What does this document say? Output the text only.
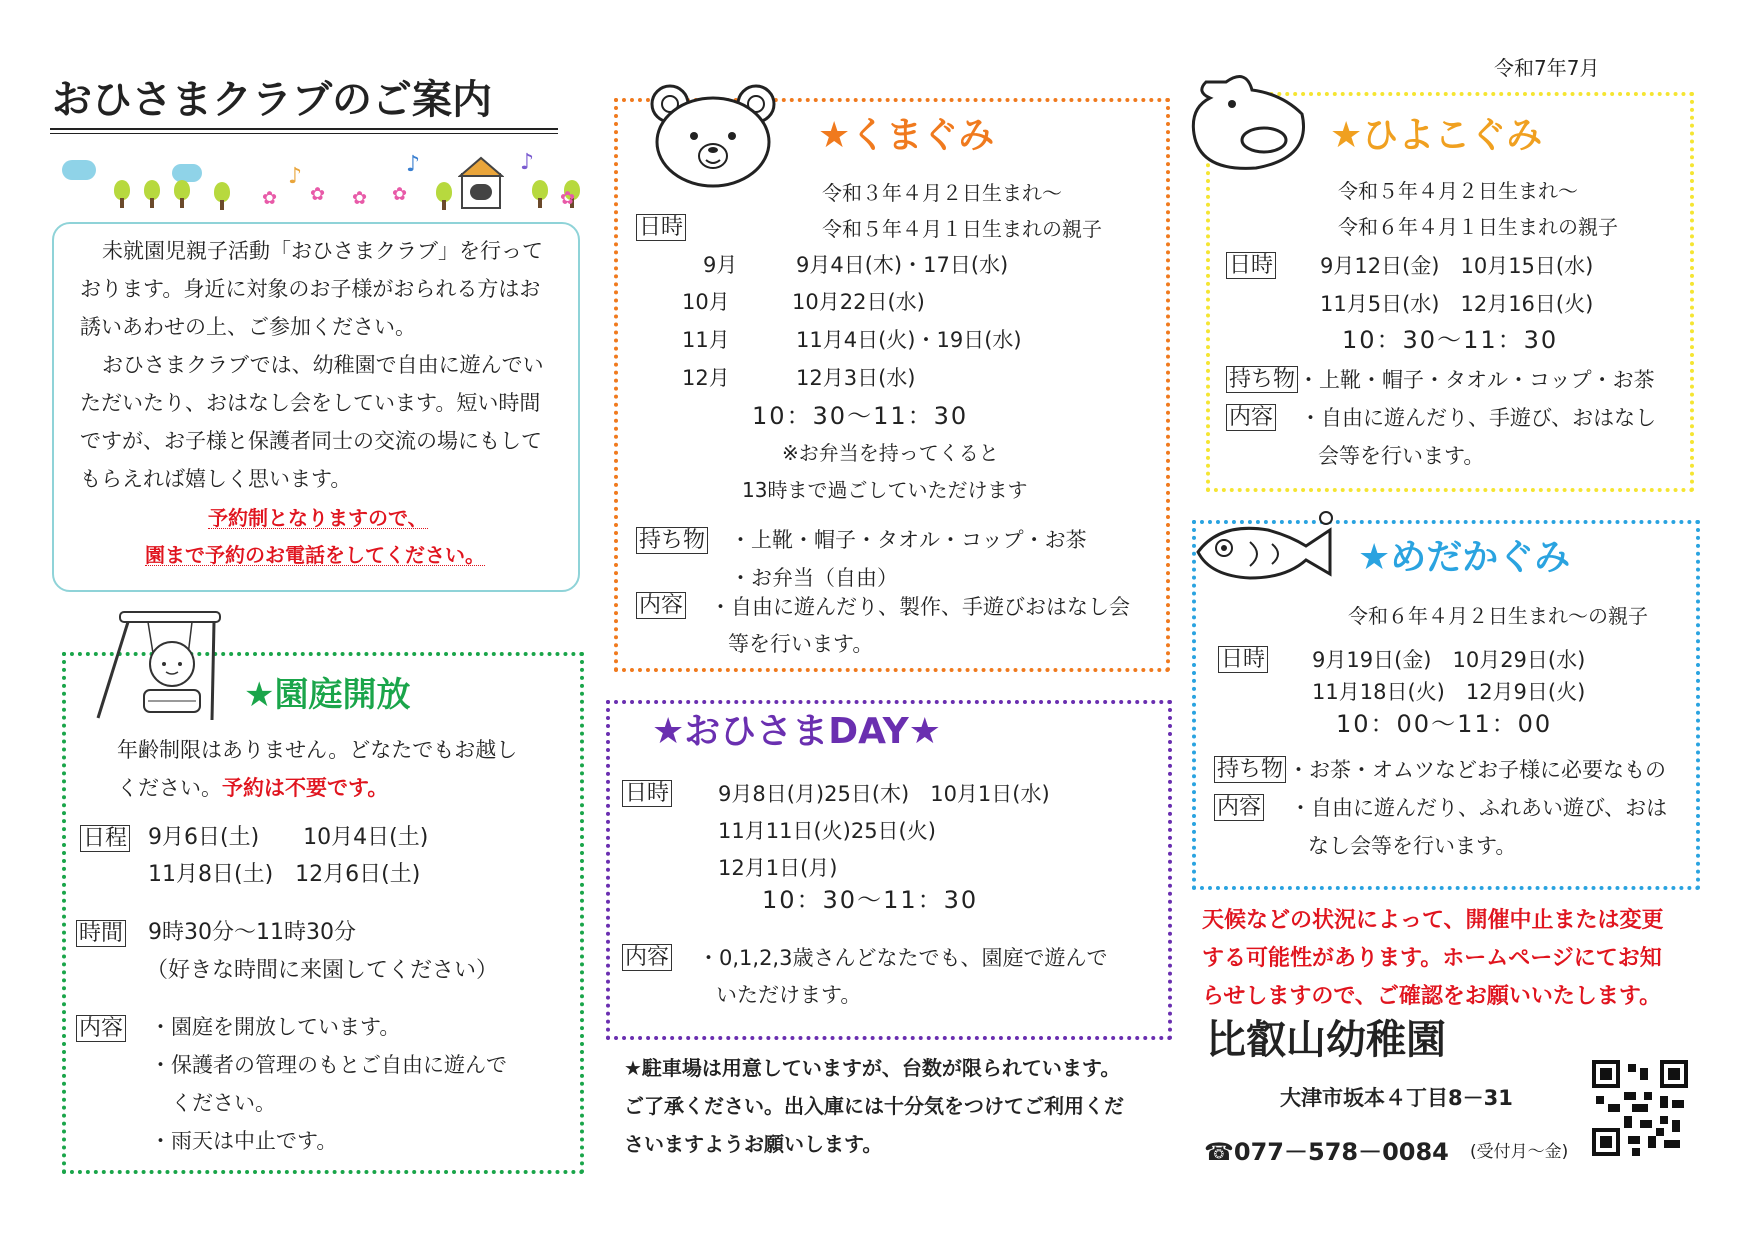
令和7年7月
おひさまクラブのご案内
✿ ✿ ✿ ✿	✿
♪	♪	♪
未就園児親子活動「おひさまクラブ」を行って
おります。身近に対象のお子様がおられる方はお
誘いあわせの上、ご参加ください。
おひさまクラブでは、幼稚園で自由に遊んでい
ただいたり、おはなし会をしています。短い時間
ですが、お子様と保護者同士の交流の場にもして
もらえれば嬉しく思います。
予約制となりますので、
園まで予約のお電話をしてください。
★園庭開放
年齢制限はありません。どなたでもお越し
ください。予約は不要です。
日程 9月6日(土)　　10月4日(土)
11月8日(土)　12月6日(土)
時間 9時30分～11時30分
（好きな時間に来園してください）
内容 ・園庭を開放しています。
・保護者の管理のもとご自由に遊んで
　ください。
・雨天は中止です。
★くまぐみ
令和３年４月２日生まれ～
日時	令和５年４月１日生まれの親子
9月	9月4日(木)・17日(水)
10月	10月22日(水)
11月	11月4日(火)・19日(水)
12月	12月3日(水)
10：30～11：30
※お弁当を持ってくると
13時まで過ごしていただけます
持ち物 ・上靴・帽子・タオル・コップ・お茶
・お弁当（自由）
内容 ・自由に遊んだり、製作、手遊びおはなし会
等を行います。
★おひさまDAY★
日時 9月8日(月)25日(木)　10月1日(水)
11月11日(火)25日(火)
12月1日(月)
10：30～11：30
内容 ・0,1,2,3歳さんどなたでも、園庭で遊んで
いただけます。
★駐車場は用意していますが、台数が限られています。
ご了承ください。出入庫には十分気をつけてご利用くだ
さいますようお願いします。
★ひよこぐみ
令和５年４月２日生まれ～
令和６年４月１日生まれの親子
日時 9月12日(金)　10月15日(水)
11月5日(水)　12月16日(火)
10：30～11：30
持ち物 ・上靴・帽子・タオル・コップ・お茶
内容 ・自由に遊んだり、手遊び、おはなし
会等を行います。
★めだかぐみ
令和６年４月２日生まれ～の親子
日時 9月19日(金)　10月29日(水)
11月18日(火)　12月9日(火)
10：00～11：00
持ち物 ・お茶・オムツなどお子様に必要なもの
内容 ・自由に遊んだり、ふれあい遊び、おは
なし会等を行います。
天候などの状況によって、開催中止または変更
する可能性があります。ホームページにてお知
らせしますので、ご確認をお願いいたします。
比叡山幼稚園
大津市坂本４丁目8－31
☎077－578－0084 (受付月～金)
